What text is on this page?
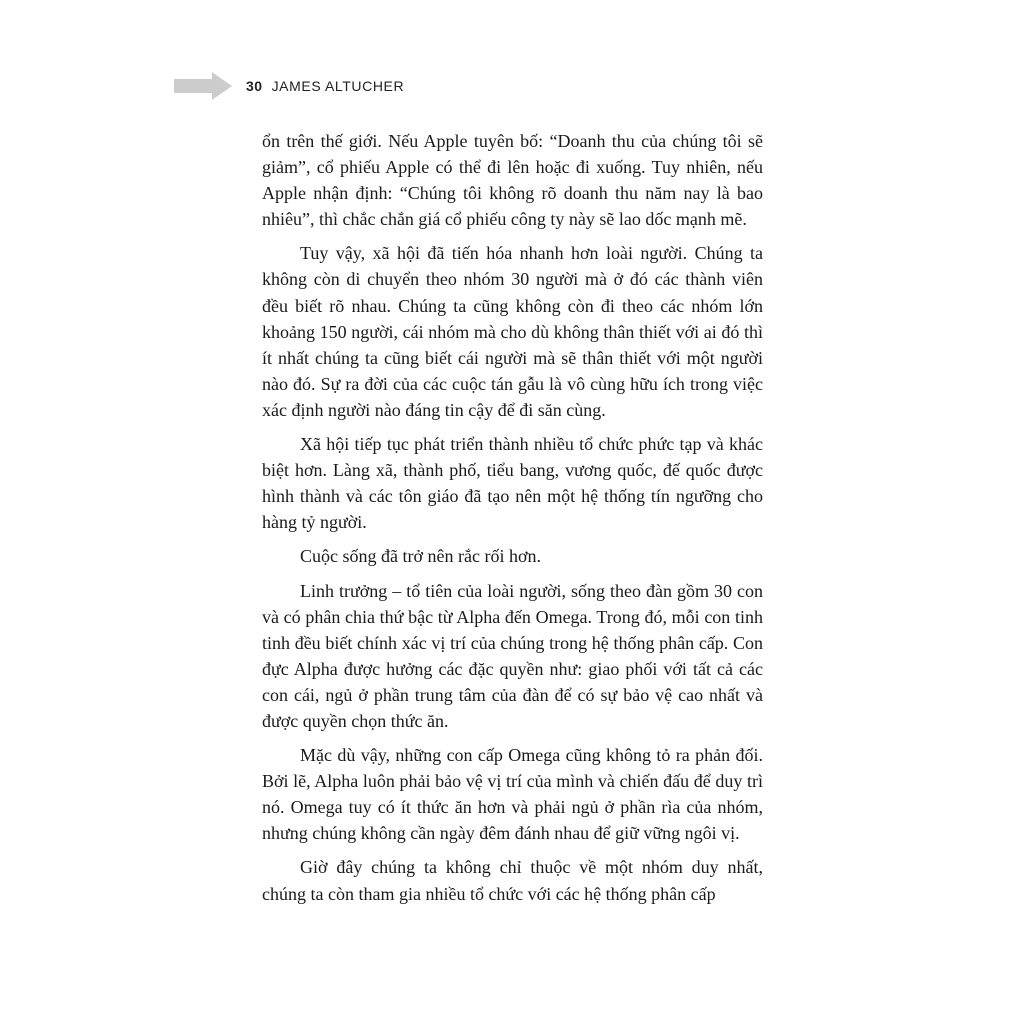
30 JAMES ALTUCHER

ổn trên thế giới. Nếu Apple tuyên bố: “Doanh thu của chúng tôi sẽ giảm”, cổ phiếu Apple có thể đi lên hoặc đi xuống. Tuy nhiên, nếu Apple nhận định: “Chúng tôi không rõ doanh thu năm nay là bao nhiêu”, thì chắc chắn giá cổ phiếu công ty này sẽ lao dốc mạnh mẽ.

Tuy vậy, xã hội đã tiến hóa nhanh hơn loài người. Chúng ta không còn di chuyển theo nhóm 30 người mà ở đó các thành viên đều biết rõ nhau. Chúng ta cũng không còn đi theo các nhóm lớn khoảng 150 người, cái nhóm mà cho dù không thân thiết với ai đó thì ít nhất chúng ta cũng biết cái người mà sẽ thân thiết với một người nào đó. Sự ra đời của các cuộc tán gẫu là vô cùng hữu ích trong việc xác định người nào đáng tin cậy để đi săn cùng.

Xã hội tiếp tục phát triển thành nhiều tổ chức phức tạp và khác biệt hơn. Làng xã, thành phố, tiểu bang, vương quốc, đế quốc được hình thành và các tôn giáo đã tạo nên một hệ thống tín ngưỡng cho hàng tỷ người.

Cuộc sống đã trở nên rắc rối hơn.

Linh trưởng – tổ tiên của loài người, sống theo đàn gồm 30 con và có phân chia thứ bậc từ Alpha đến Omega. Trong đó, mỗi con tinh tinh đều biết chính xác vị trí của chúng trong hệ thống phân cấp. Con đực Alpha được hưởng các đặc quyền như: giao phối với tất cả các con cái, ngủ ở phần trung tâm của đàn để có sự bảo vệ cao nhất và được quyền chọn thức ăn.

Mặc dù vậy, những con cấp Omega cũng không tỏ ra phản đối. Bởi lẽ, Alpha luôn phải bảo vệ vị trí của mình và chiến đấu để duy trì nó. Omega tuy có ít thức ăn hơn và phải ngủ ở phần rìa của nhóm, nhưng chúng không cần ngày đêm đánh nhau để giữ vững ngôi vị.

Giờ đây chúng ta không chỉ thuộc về một nhóm duy nhất, chúng ta còn tham gia nhiều tổ chức với các hệ thống phân cấp
